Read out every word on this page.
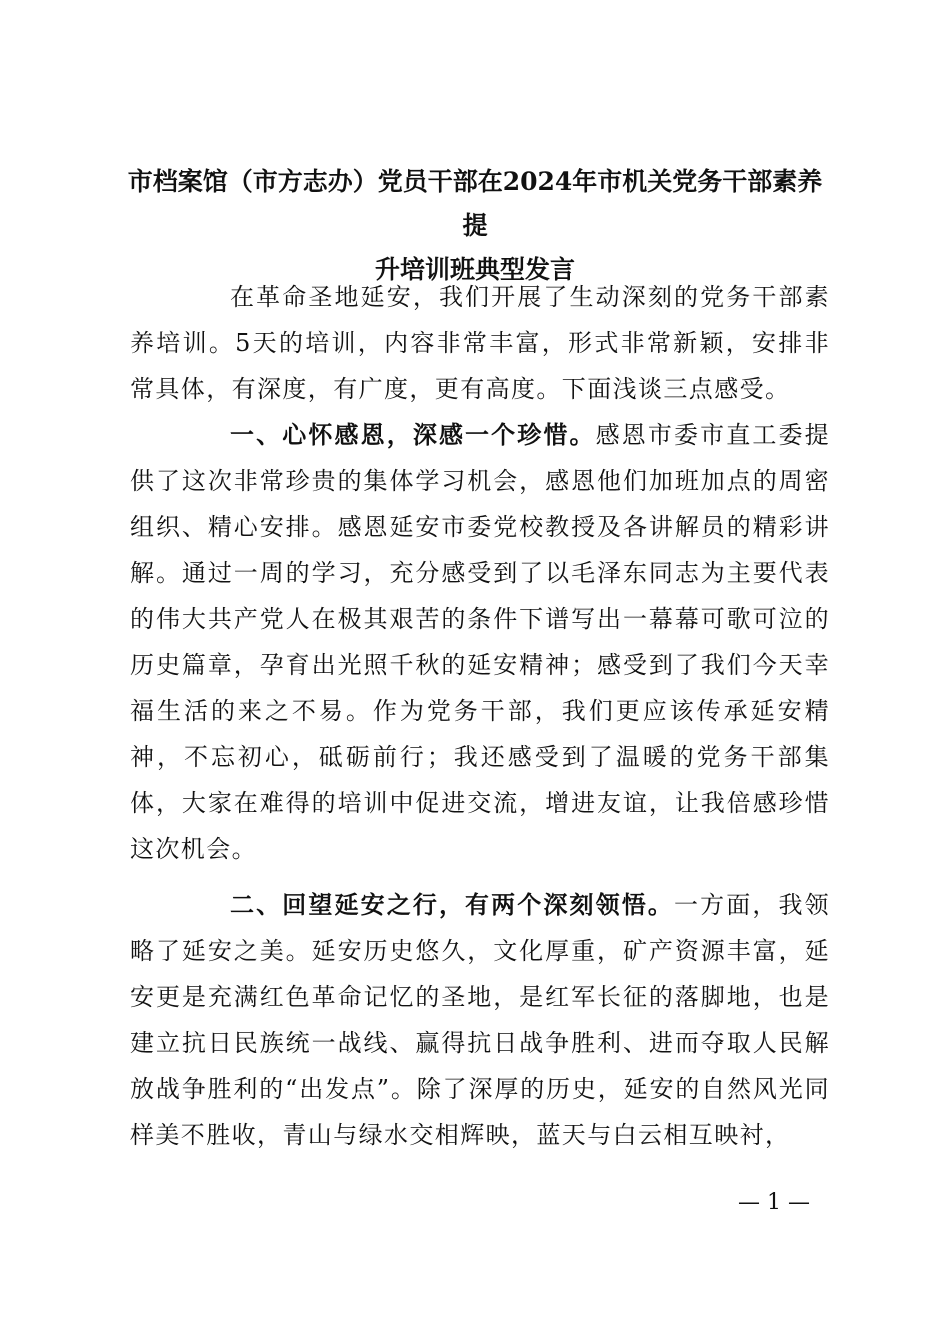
市档案馆（市方志办）党员干部在2024年市机关党务干部素养提
升培训班典型发言

在革命圣地延安，我们开展了生动深刻的党务干部素养培训。5天的培训，内容非常丰富，形式非常新颖，安排非常具体，有深度，有广度，更有高度。下面浅谈三点感受。

一、心怀感恩，深感一个珍惜。感恩市委市直工委提供了这次非常珍贵的集体学习机会，感恩他们加班加点的周密组织、精心安排。感恩延安市委党校教授及各讲解员的精彩讲解。通过一周的学习，充分感受到了以毛泽东同志为主要代表的伟大共产党人在极其艰苦的条件下谱写出一幕幕可歌可泣的历史篇章，孕育出光照千秋的延安精神；感受到了我们今天幸福生活的来之不易。作为党务干部，我们更应该传承延安精神，不忘初心，砥砺前行；我还感受到了温暖的党务干部集体，大家在难得的培训中促进交流，增进友谊，让我倍感珍惜这次机会。

二、回望延安之行，有两个深刻领悟。一方面，我领略了延安之美。延安历史悠久，文化厚重，矿产资源丰富，延安更是充满红色革命记忆的圣地，是红军长征的落脚地，也是建立抗日民族统一战线、赢得抗日战争胜利、进而夺取人民解放战争胜利的“出发点”。除了深厚的历史，延安的自然风光同样美不胜收，青山与绿水交相辉映，蓝天与白云相互映衬，

— 1 —
